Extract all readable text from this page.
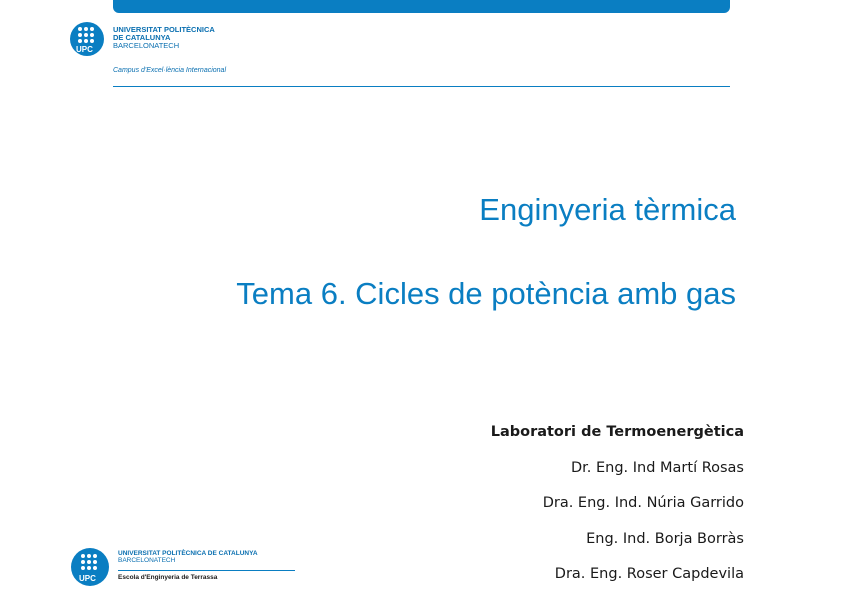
UPC
UNIVERSITAT POLITÈCNICA
DE CATALUNYA
BARCELONATECH
Campus d'Excel·lència Internacional
Enginyeria tèrmica
Tema 6. Cicles de potència amb gas
Laboratori de Termoenergètica
Dr. Eng. Ind Martí Rosas
Dra. Eng. Ind. Núria Garrido
Eng. Ind. Borja Borràs
Dra. Eng. Roser Capdevila
UPC
UNIVERSITAT POLITÈCNICA DE CATALUNYA
BARCELONATECH
Escola d'Enginyeria de Terrassa
